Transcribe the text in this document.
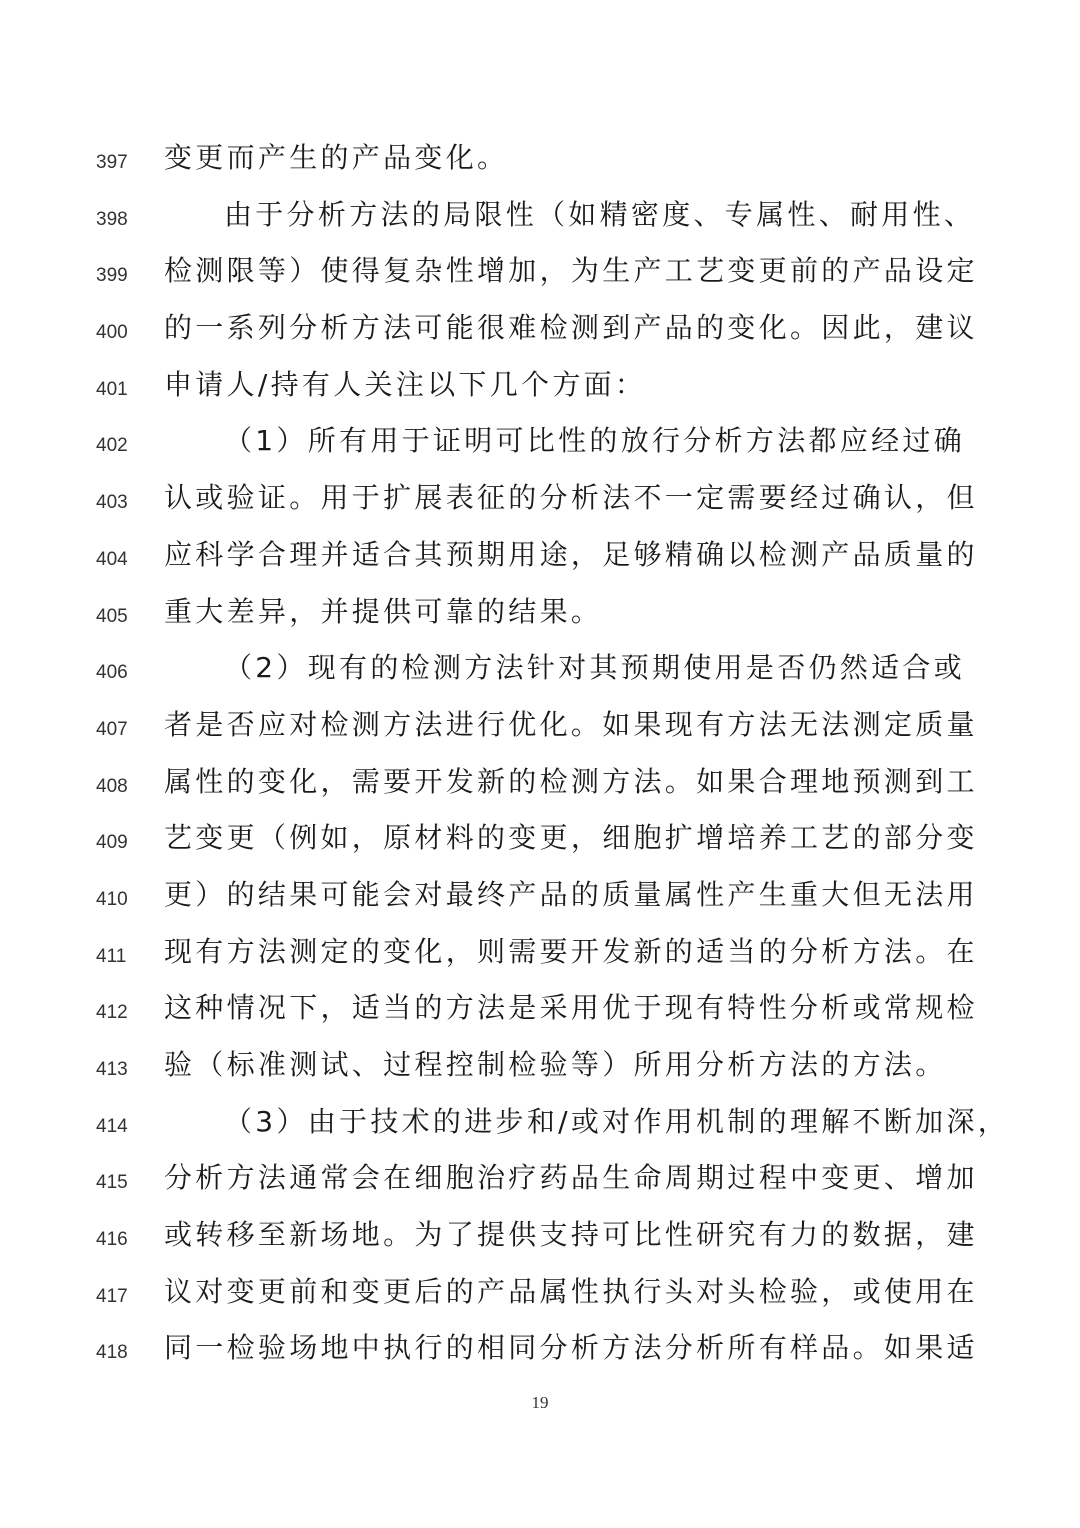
397 变更而产生的产品变化。
398	由于分析方法的局限性（如精密度、专属性、耐用性、
399 检测限等）使得复杂性增加，为生产工艺变更前的产品设定
400 的一系列分析方法可能很难检测到产品的变化。因此，建议
401 申请人/持有人关注以下几个方面：
402	（1）所有用于证明可比性的放行分析方法都应经过确
403 认或验证。用于扩展表征的分析法不一定需要经过确认，但
404 应科学合理并适合其预期用途，足够精确以检测产品质量的
405 重大差异，并提供可靠的结果。
406	（2）现有的检测方法针对其预期使用是否仍然适合或
407 者是否应对检测方法进行优化。如果现有方法无法测定质量
408 属性的变化，需要开发新的检测方法。如果合理地预测到工
409 艺变更（例如，原材料的变更，细胞扩增培养工艺的部分变
410 更）的结果可能会对最终产品的质量属性产生重大但无法用
411	现有方法测定的变化，则需要开发新的适当的分析方法。在
412 这种情况下，适当的方法是采用优于现有特性分析或常规检
413 验（标准测试、过程控制检验等）所用分析方法的方法。
414	（3）由于技术的进步和/或对作用机制的理解不断加深，
415 分析方法通常会在细胞治疗药品生命周期过程中变更、增加
416 或转移至新场地。为了提供支持可比性研究有力的数据，建
417 议对变更前和变更后的产品属性执行头对头检验，或使用在
418 同一检验场地中执行的相同分析方法分析所有样品。如果适
19
